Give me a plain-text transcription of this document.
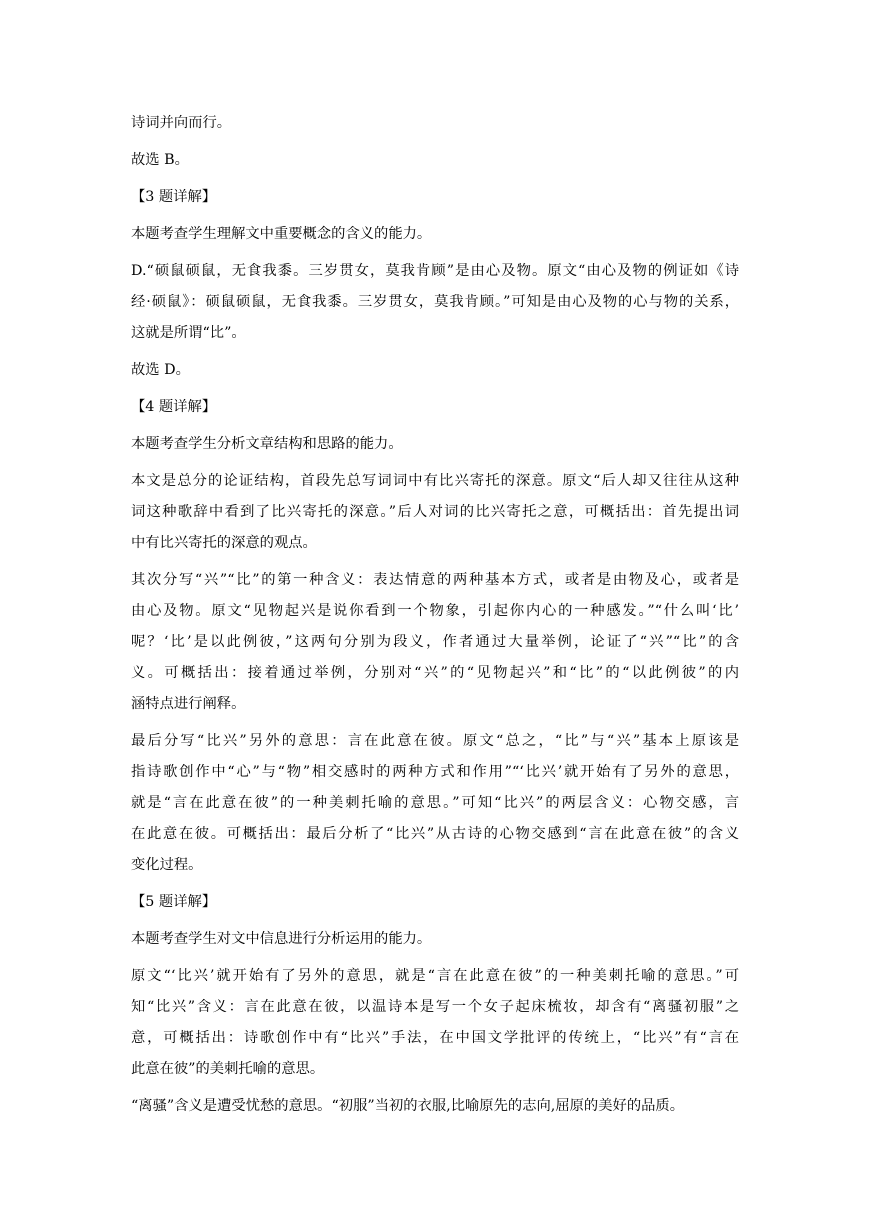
诗词并向而行。
故选 B。
【3 题详解】
本题考查学生理解文中重要概念的含义的能力。
D.“硕鼠硕鼠，无食我黍。三岁贯女，莫我肯顾”是由心及物。原文“由心及物的例证如《诗
经·硕鼠》：硕鼠硕鼠，无食我黍。三岁贯女，莫我肯顾。”可知是由心及物的心与物的关系，
这就是所谓“比”。
故选 D。
【4 题详解】
本题考查学生分析文章结构和思路的能力。
本文是总分的论证结构，首段先总写词词中有比兴寄托的深意。原文“后人却又往往从这种
词这种歌辞中看到了比兴寄托的深意。”后人对词的比兴寄托之意，可概括出：首先提出词
中有比兴寄托的深意的观点。
其次分写“兴”“比”的第一种含义：表达情意的两种基本方式，或者是由物及心，或者是
由心及物。原文“见物起兴是说你看到一个物象，引起你内心的一种感发。”“什么叫‘比’
呢？‘比’是以此例彼，”这两句分别为段义，作者通过大量举例，论证了“兴”“比”的含
义。可概括出：接着通过举例，分别对“兴”的“见物起兴”和“比”的“以此例彼”的内
涵特点进行阐释。
最后分写“比兴”另外的意思：言在此意在彼。原文“总之，“比”与“兴”基本上原该是
指诗歌创作中“心”与“物”相交感时的两种方式和作用”“‘比兴’就开始有了另外的意思，
就是“言在此意在彼”的一种美刺托喻的意思。”可知“比兴”的两层含义：心物交感，言
在此意在彼。可概括出：最后分析了“比兴”从古诗的心物交感到“言在此意在彼”的含义
变化过程。
【5 题详解】
本题考查学生对文中信息进行分析运用的能力。
原文“‘比兴’就开始有了另外的意思，就是“言在此意在彼”的一种美刺托喻的意思。”可
知“比兴”含义：言在此意在彼，以温诗本是写一个女子起床梳妆，却含有“离骚初服”之
意，可概括出：诗歌创作中有“比兴”手法，在中国文学批评的传统上，“比兴”有“言在
此意在彼”的美刺托喻的意思。
“离骚”含义是遭受忧愁的意思。“初服”当初的衣服,比喻原先的志向,屈原的美好的品质。
